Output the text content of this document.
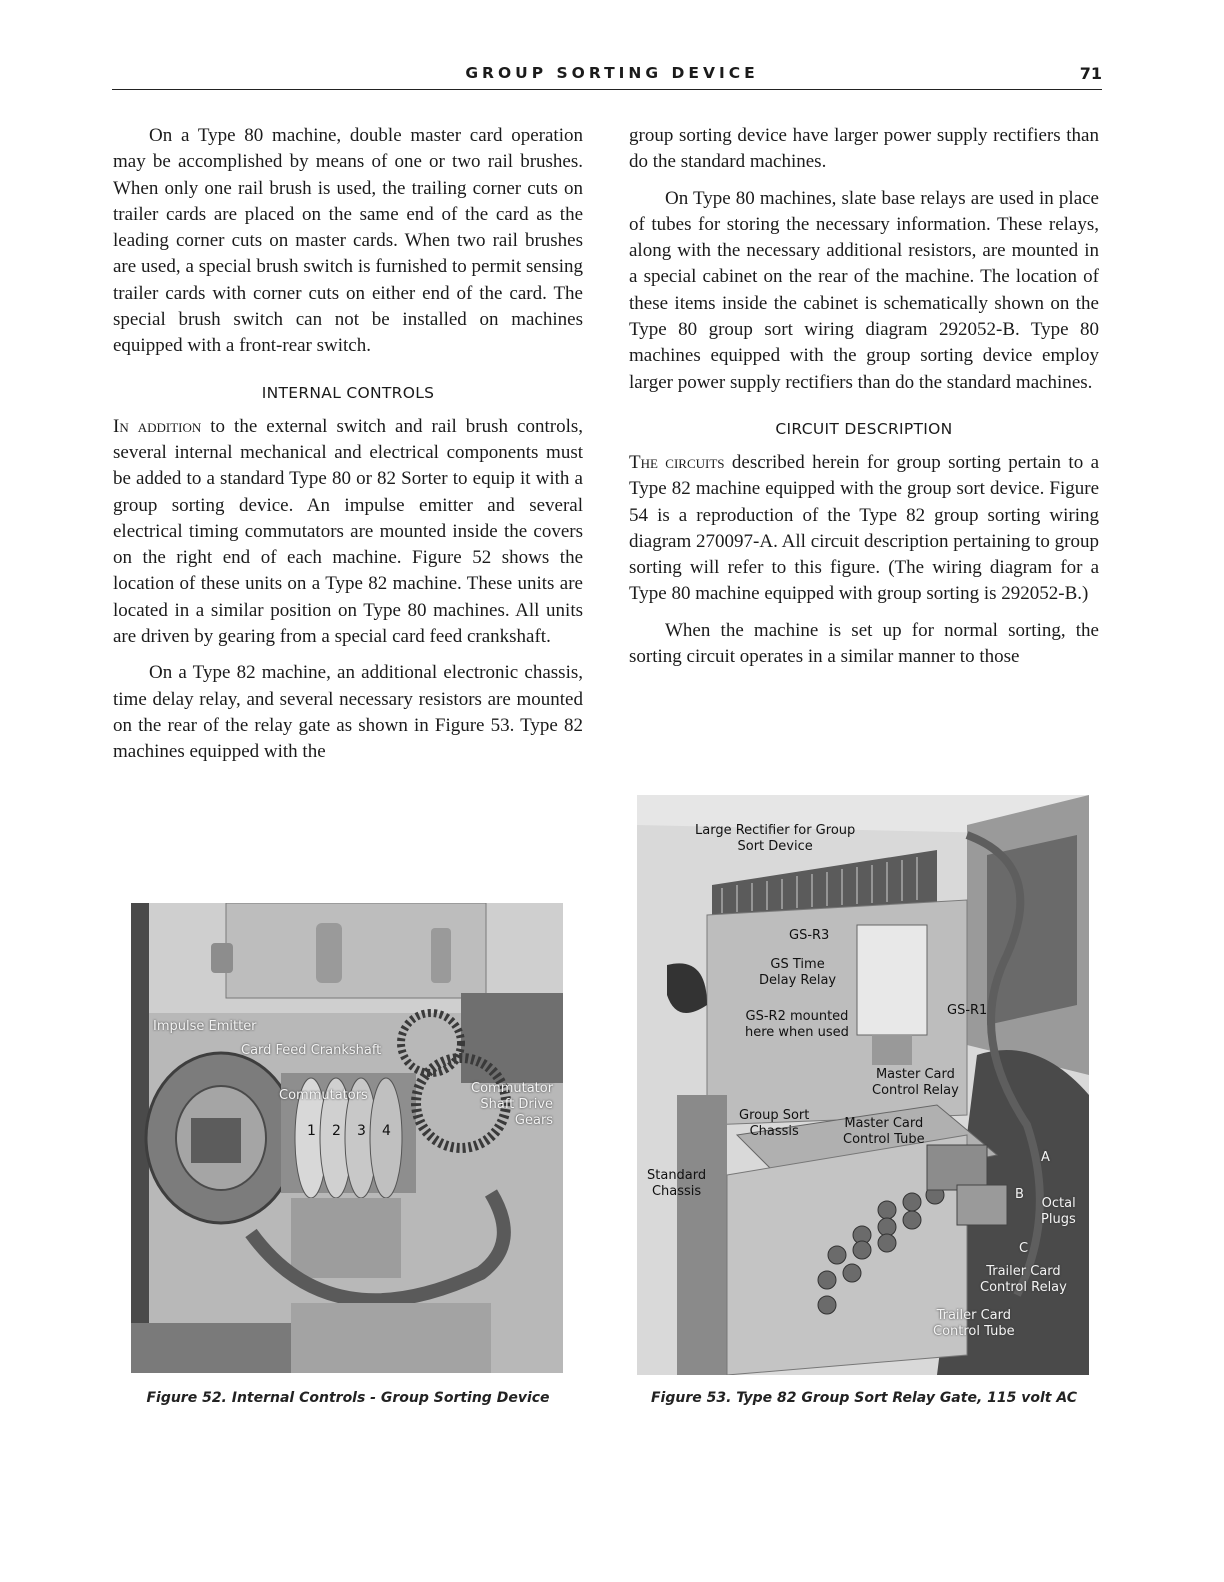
GROUP SORTING DEVICE	71

On a Type 80 machine, double master card operation may be accomplished by means of one or two rail brushes. When only one rail brush is used, the trailing corner cuts on trailer cards are placed on the same end of the card as the leading corner cuts on master cards. When two rail brushes are used, a special brush switch is furnished to permit sensing trailer cards with corner cuts on either end of the card. The special brush switch can not be installed on machines equipped with a front-rear switch.

INTERNAL CONTROLS

In addition to the external switch and rail brush controls, several internal mechanical and electrical components must be added to a standard Type 80 or 82 Sorter to equip it with a group sorting device. An impulse emitter and several electrical timing commutators are mounted inside the covers on the right end of each machine. Figure 52 shows the location of these units on a Type 82 machine. These units are located in a similar position on Type 80 machines. All units are driven by gearing from a special card feed crankshaft.

On a Type 82 machine, an additional electronic chassis, time delay relay, and several necessary resistors are mounted on the rear of the relay gate as shown in Figure 53. Type 82 machines equipped with the

group sorting device have larger power supply rectifiers than do the standard machines.

On Type 80 machines, slate base relays are used in place of tubes for storing the necessary information. These relays, along with the necessary additional resistors, are mounted in a special cabinet on the rear of the machine. The location of these items inside the cabinet is schematically shown on the Type 80 group sort wiring diagram 292052-B. Type 80 machines equipped with the group sorting device employ larger power supply rectifiers than do the standard machines.

CIRCUIT DESCRIPTION

The circuits described herein for group sorting pertain to a Type 82 machine equipped with the group sort device. Figure 54 is a reproduction of the Type 82 group sorting wiring diagram 270097-A. All circuit description pertaining to group sorting will refer to this figure. (The wiring diagram for a Type 80 machine equipped with group sorting is 292052-B.)

When the machine is set up for normal sorting, the sorting circuit operates in a similar manner to those

Impulse Emitter
Card Feed Crankshaft
Commutators	Commutator
Shaft Drive
Gears
1 2 3 4
Figure 52. Internal Controls - Group Sorting Device
Large Rectifier for Group
Sort Device
GS-R3
GS Time
Delay Relay
GS-R2 mounted
here when used
GS-R1
Master Card
Control Relay
Group Sort
Chassis
Master Card
Control Tube
Standard
Chassis
A
B
Octal
Plugs
C
Trailer Card
Control Relay
Trailer Card
Control Tube
Figure 53. Type 82 Group Sort Relay Gate, 115 volt AC
